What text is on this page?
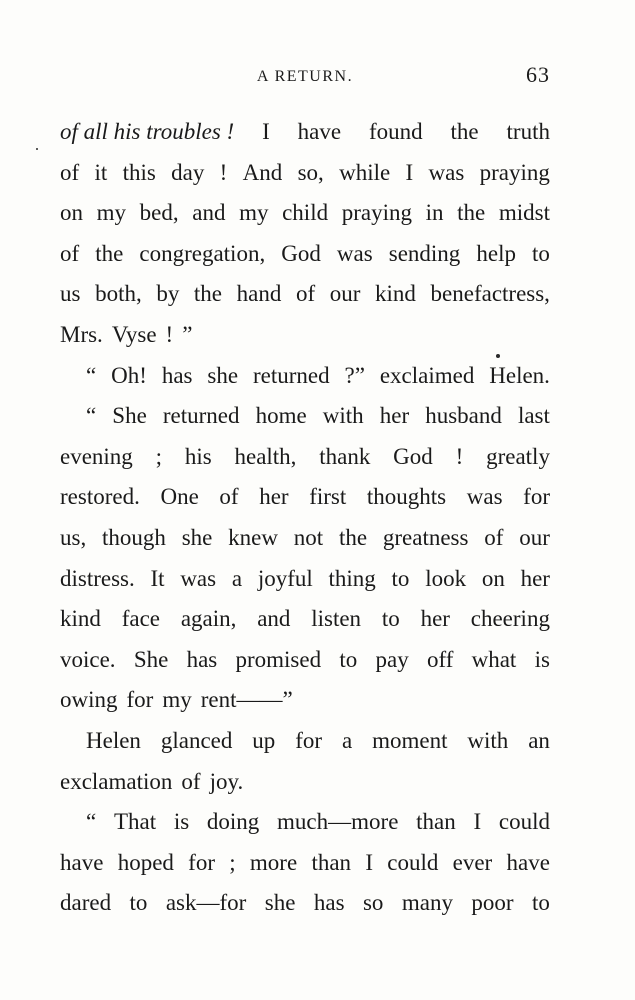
A RETURN.	63
of all his troubles ! I have found the truth
of it this day ! And so, while I was praying
on my bed, and my child praying in the midst
of the congregation, God was sending help to
us both, by the hand of our kind benefactress,
Mrs. Vyse ! ”
“ Oh! has she returned ?” exclaimed Helen.
“ She returned home with her husband last
evening ; his health, thank God ! greatly
restored. One of her first thoughts was for
us, though she knew not the greatness of our
distress. It was a joyful thing to look on her
kind face again, and listen to her cheering
voice. She has promised to pay off what is
owing for my rent——”
Helen glanced up for a moment with an
exclamation of joy.
“ That is doing much—more than I could
have hoped for ; more than I could ever have
dared to ask—for she has so many poor to
